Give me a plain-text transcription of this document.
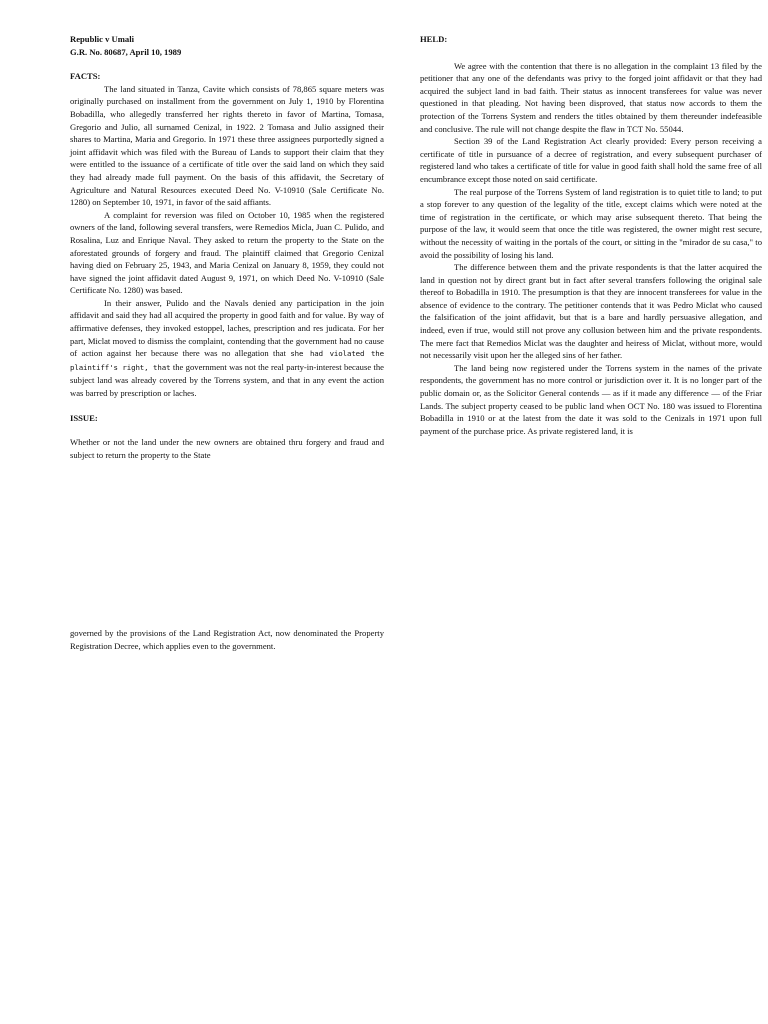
Republic v Umali

G.R. No. 80687, April 10, 1989

FACTS:

The land situated in Tanza, Cavite which consists of 78,865 square meters was originally purchased on installment from the government on July 1, 1910 by Florentina Bobadilla, who allegedly transferred her rights thereto in favor of Martina, Tomasa, Gregorio and Julio, all surnamed Cenizal, in 1922. 2 Tomasa and Julio assigned their shares to Martina, Maria and Gregorio. In 1971 these three assignees purportedly signed a joint affidavit which was filed with the Bureau of Lands to support their claim that they were entitled to the issuance of a certificate of title over the said land on which they said they had already made full payment. On the basis of this affidavit, the Secretary of Agriculture and Natural Resources executed Deed No. V-10910 (Sale Certificate No. 1280) on September 10, 1971, in favor of the said affiants.

A complaint for reversion was filed on October 10, 1985 when the registered owners of the land, following several transfers, were Remedios Micla, Juan C. Pulido, and Rosalina, Luz and Enrique Naval. They asked to return the property to the State on the aforestated grounds of forgery and fraud. The plaintiff claimed that Gregorio Cenizal having died on February 25, 1943, and Maria Cenizal on January 8, 1959, they could not have signed the joint affidavit dated August 9, 1971, on which Deed No. V-10910 (Sale Certificate No. 1280) was based.

In their answer, Pulido and the Navals denied any participation in the join affidavit and said they had all acquired the property in good faith and for value. By way of affirmative defenses, they invoked estoppel, laches, prescription and res judicata. For her part, Miclat moved to dismiss the complaint, contending that the government had no cause of action against her because there was no allegation that she had violated the plaintiff's right, that the government was not the real party-in-interest because the subject land was already covered by the Torrens system, and that in any event the action was barred by prescription or laches.

ISSUE:

Whether or not the land under the new owners are obtained thru forgery and fraud and subject to return the property to the State

HELD:

We agree with the contention that there is no allegation in the complaint 13 filed by the petitioner that any one of the defendants was privy to the forged joint affidavit or that they had acquired the subject land in bad faith. Their status as innocent transferees for value was never questioned in that pleading. Not having been disproved, that status now accords to them the protection of the Torrens System and renders the titles obtained by them thereunder indefeasible and conclusive. The rule will not change despite the flaw in TCT No. 55044.

Section 39 of the Land Registration Act clearly provided: Every person receiving a certificate of title in pursuance of a decree of registration, and every subsequent purchaser of registered land who takes a certificate of title for value in good faith shall hold the same free of all encumbrance except those noted on said certificate.

The real purpose of the Torrens System of land registration is to quiet title to land; to put a stop forever to any question of the legality of the title, except claims which were noted at the time of registration in the certificate, or which may arise subsequent thereto. That being the purpose of the law, it would seem that once the title was registered, the owner might rest secure, without the necessity of waiting in the portals of the court, or sitting in the "mirador de su casa," to avoid the possibility of losing his land.

The difference between them and the private respondents is that the latter acquired the land in question not by direct grant but in fact after several transfers following the original sale thereof to Bobadilla in 1910. The presumption is that they are innocent transferees for value in the absence of evidence to the contrary. The petitioner contends that it was Pedro Miclat who caused the falsification of the joint affidavit, but that is a bare and hardly persuasive allegation, and indeed, even if true, would still not prove any collusion between him and the private respondents. The mere fact that Remedios Miclat was the daughter and heiress of Miclat, without more, would not necessarily visit upon her the alleged sins of her father.

The land being now registered under the Torrens system in the names of the private respondents, the government has no more control or jurisdiction over it. It is no longer part of the public domain or, as the Solicitor General contends — as if it made any difference — of the Friar Lands. The subject property ceased to be public land when OCT No. 180 was issued to Florentina Bobadilla in 1910 or at the latest from the date it was sold to the Cenizals in 1971 upon full payment of the purchase price. As private registered land, it is

governed by the provisions of the Land Registration Act, now denominated the Property Registration Decree, which applies even to the government.
